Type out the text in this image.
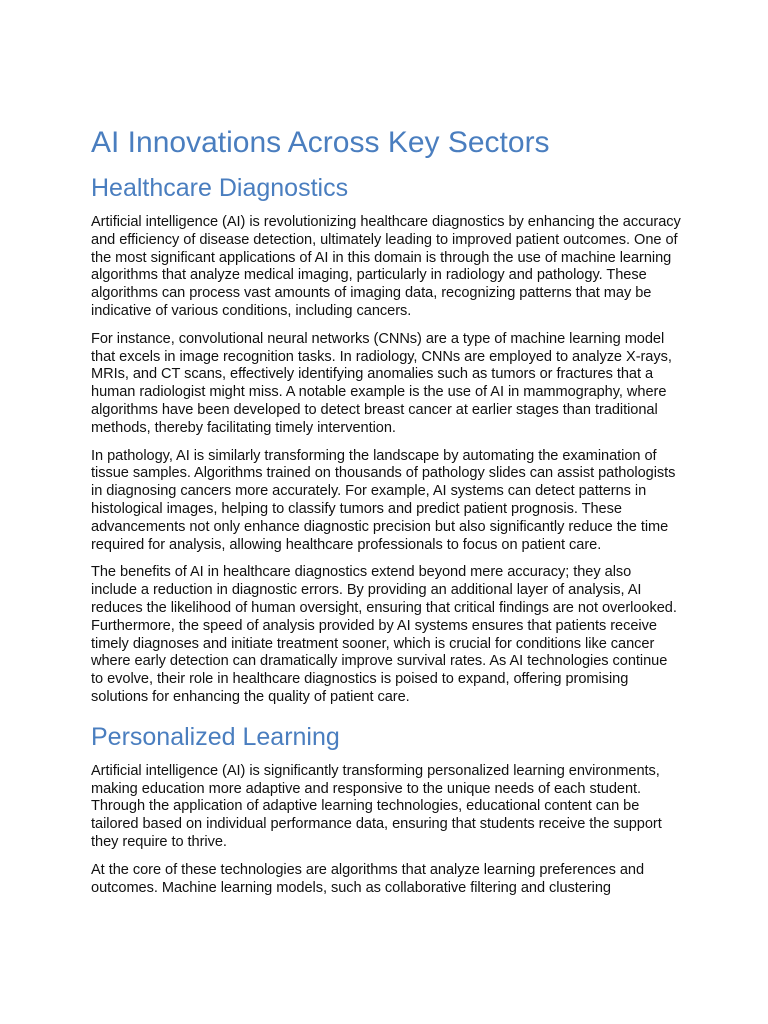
AI Innovations Across Key Sectors
Healthcare Diagnostics

Artificial intelligence (AI) is revolutionizing healthcare diagnostics by enhancing the accuracy and efficiency of disease detection, ultimately leading to improved patient outcomes. One of the most significant applications of AI in this domain is through the use of machine learning algorithms that analyze medical imaging, particularly in radiology and pathology. These algorithms can process vast amounts of imaging data, recognizing patterns that may be indicative of various conditions, including cancers.

For instance, convolutional neural networks (CNNs) are a type of machine learning model that excels in image recognition tasks. In radiology, CNNs are employed to analyze X-rays, MRIs, and CT scans, effectively identifying anomalies such as tumors or fractures that a human radiologist might miss. A notable example is the use of AI in mammography, where algorithms have been developed to detect breast cancer at earlier stages than traditional methods, thereby facilitating timely intervention.

In pathology, AI is similarly transforming the landscape by automating the examination of tissue samples. Algorithms trained on thousands of pathology slides can assist pathologists in diagnosing cancers more accurately. For example, AI systems can detect patterns in histological images, helping to classify tumors and predict patient prognosis. These advancements not only enhance diagnostic precision but also significantly reduce the time required for analysis, allowing healthcare professionals to focus on patient care.

The benefits of AI in healthcare diagnostics extend beyond mere accuracy; they also include a reduction in diagnostic errors. By providing an additional layer of analysis, AI reduces the likelihood of human oversight, ensuring that critical findings are not overlooked. Furthermore, the speed of analysis provided by AI systems ensures that patients receive timely diagnoses and initiate treatment sooner, which is crucial for conditions like cancer where early detection can dramatically improve survival rates. As AI technologies continue to evolve, their role in healthcare diagnostics is poised to expand, offering promising solutions for enhancing the quality of patient care.

Personalized Learning

Artificial intelligence (AI) is significantly transforming personalized learning environments, making education more adaptive and responsive to the unique needs of each student. Through the application of adaptive learning technologies, educational content can be tailored based on individual performance data, ensuring that students receive the support they require to thrive.

At the core of these technologies are algorithms that analyze learning preferences and outcomes. Machine learning models, such as collaborative filtering and clustering
